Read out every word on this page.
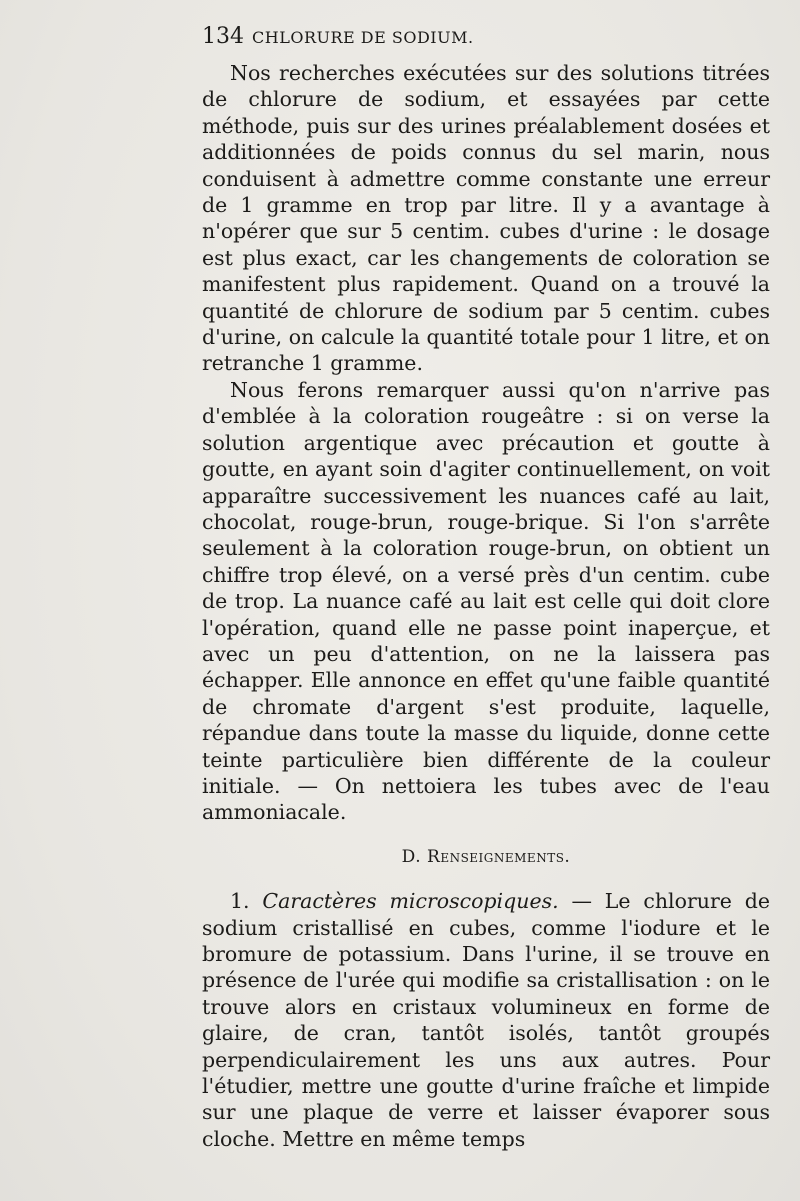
134 CHLORURE DE SODIUM.

Nos recherches exécutées sur des solutions titrées de chlorure de sodium, et essayées par cette méthode, puis sur des urines préalablement dosées et additionnées de poids connus du sel marin, nous conduisent à admettre comme constante une erreur de 1 gramme en trop par litre. Il y a avantage à n'opérer que sur 5 centim. cubes d'urine : le dosage est plus exact, car les changements de coloration se manifestent plus rapidement. Quand on a trouvé la quantité de chlorure de sodium par 5 centim. cubes d'urine, on calcule la quantité totale pour 1 litre, et on retranche 1 gramme.

Nous ferons remarquer aussi qu'on n'arrive pas d'emblée à la coloration rougeâtre : si on verse la solution argentique avec précaution et goutte à goutte, en ayant soin d'agiter continuellement, on voit apparaître successivement les nuances café au lait, chocolat, rouge-brun, rouge-brique. Si l'on s'arrête seulement à la coloration rouge-brun, on obtient un chiffre trop élevé, on a versé près d'un centim. cube de trop. La nuance café au lait est celle qui doit clore l'opération, quand elle ne passe point inaperçue, et avec un peu d'attention, on ne la laissera pas échapper. Elle annonce en effet qu'une faible quantité de chromate d'argent s'est produite, laquelle, répandue dans toute la masse du liquide, donne cette teinte particulière bien différente de la couleur initiale. — On nettoiera les tubes avec de l'eau ammoniacale.

D. Renseignements.

1. Caractères microscopiques. — Le chlorure de sodium cristallisé en cubes, comme l'iodure et le bromure de potassium. Dans l'urine, il se trouve en présence de l'urée qui modifie sa cristallisation : on le trouve alors en cristaux volumineux en forme de glaire, de cran, tantôt isolés, tantôt groupés perpendiculairement les uns aux autres. Pour l'étudier, mettre une goutte d'urine fraîche et limpide sur une plaque de verre et laisser évaporer sous cloche. Mettre en même temps
